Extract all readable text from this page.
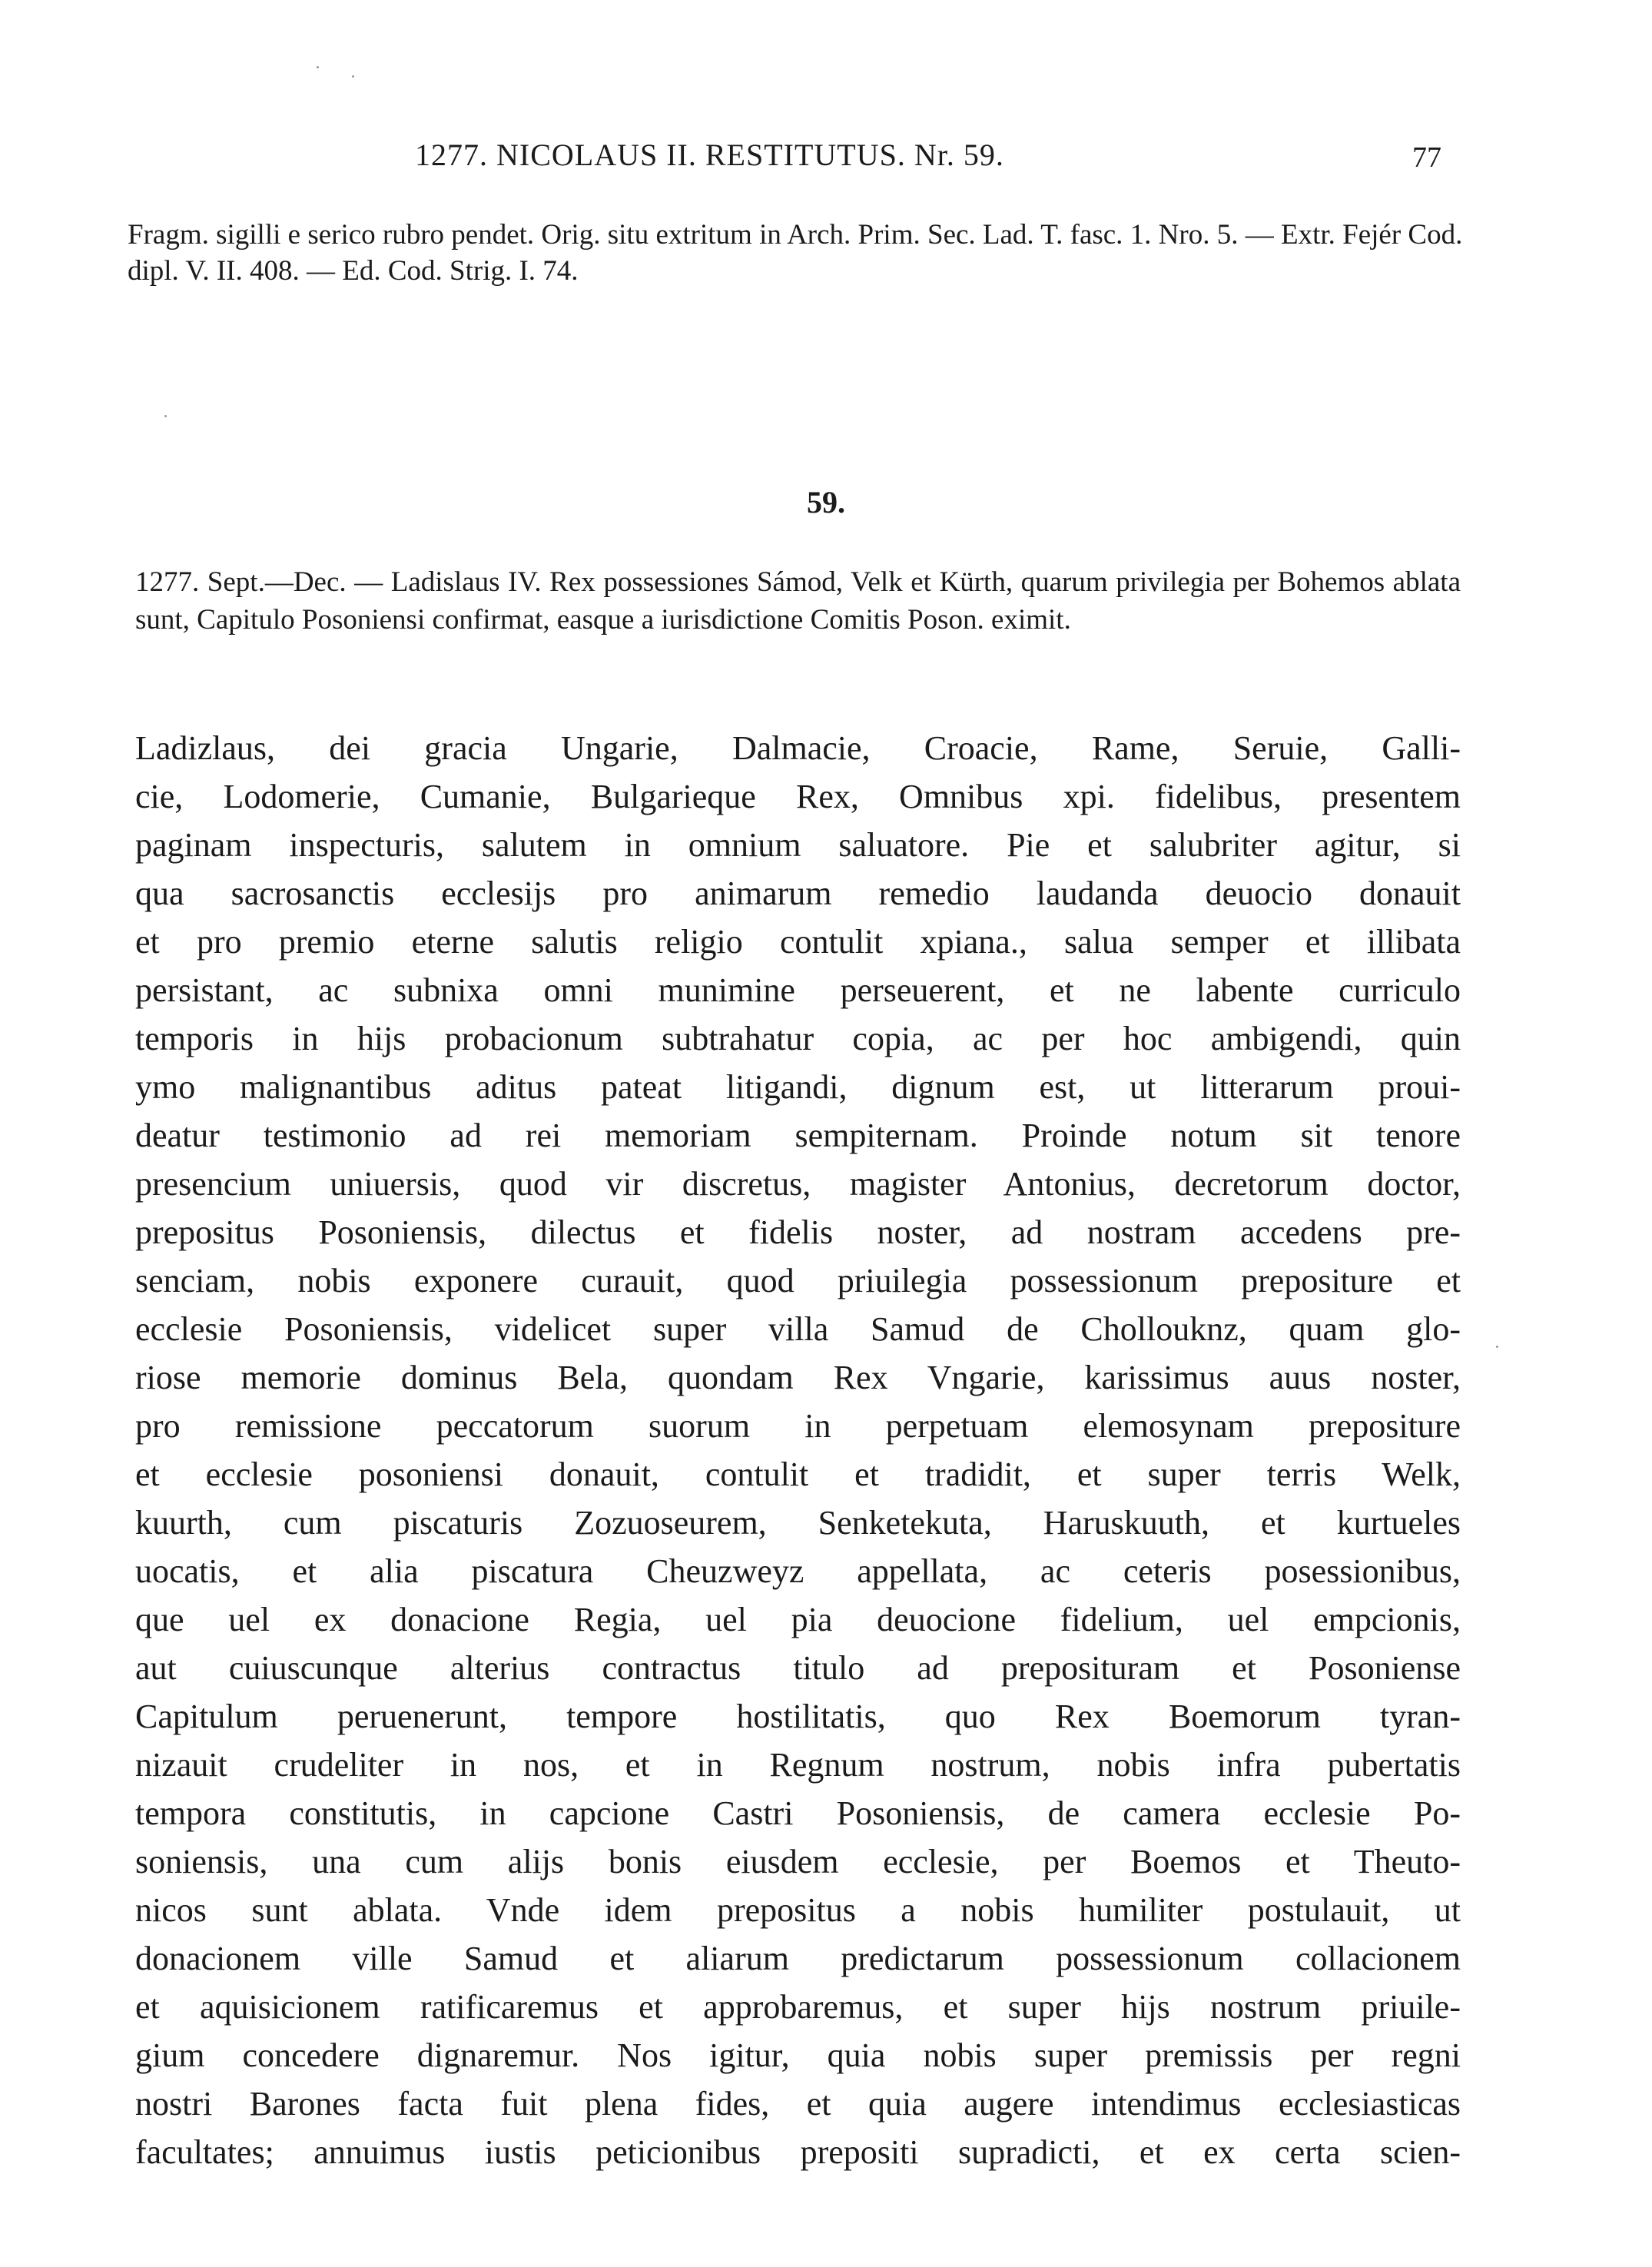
1277. NICOLAUS II. RESTITUTUS. Nr. 59.	77
Fragm. sigilli e serico rubro pendet. Orig. situ extritum in Arch. Prim. Sec. Lad. T. fasc. 1. Nro. 5. — Extr. Fejér Cod. dipl. V. II. 408. — Ed. Cod. Strig. I. 74.
59.
1277. Sept.—Dec. — Ladislaus IV. Rex possessiones Sámod, Velk et Kürth, quarum privilegia per Bohemos ablata sunt, Capitulo Posoniensi confirmat, easque a iurisdictione Comitis Poson. eximit.
Ladizlaus, dei gracia Ungarie, Dalmacie, Croacie, Rame, Seruie, Galli-
cie, Lodomerie, Cumanie, Bulgarieque Rex, Omnibus xpi. fidelibus, presentem
paginam inspecturis, salutem in omnium saluatore. Pie et salubriter agitur, si
qua sacrosanctis ecclesijs pro animarum remedio laudanda deuocio donauit
et pro premio eterne salutis religio contulit xpiana., salua semper et illibata
persistant, ac subnixa omni munimine perseuerent, et ne labente curriculo
temporis in hijs probacionum subtrahatur copia, ac per hoc ambigendi, quin
ymo malignantibus aditus pateat litigandi, dignum est, ut litterarum proui-
deatur testimonio ad rei memoriam sempiternam. Proinde notum sit tenore
presencium uniuersis, quod vir discretus, magister Antonius, decretorum doctor,
prepositus Posoniensis, dilectus et fidelis noster, ad nostram accedens pre-
senciam, nobis exponere curauit, quod priuilegia possessionum prepositure et
ecclesie Posoniensis, videlicet super villa Samud de Chollouknz, quam glo-
riose memorie dominus Bela, quondam Rex Vngarie, karissimus auus noster,
pro remissione peccatorum suorum in perpetuam elemosynam prepositure
et ecclesie posoniensi donauit, contulit et tradidit, et super terris Welk,
kuurth, cum piscaturis Zozuoseurem, Senketekuta, Haruskuuth, et kurtueles
uocatis, et alia piscatura Cheuzweyz appellata, ac ceteris posessionibus,
que uel ex donacione Regia, uel pia deuocione fidelium, uel empcionis,
aut cuiuscunque alterius contractus titulo ad preposituram et Posoniense
Capitulum peruenerunt, tempore hostilitatis, quo Rex Boemorum tyran-
nizauit crudeliter in nos, et in Regnum nostrum, nobis infra pubertatis
tempora constitutis, in capcione Castri Posoniensis, de camera ecclesie Po-
soniensis, una cum alijs bonis eiusdem ecclesie, per Boemos et Theuto-
nicos sunt ablata. Vnde idem prepositus a nobis humiliter postulauit, ut
donacionem ville Samud et aliarum predictarum possessionum collacionem
et aquisicionem ratificaremus et approbaremus, et super hijs nostrum priuile-
gium concedere dignaremur. Nos igitur, quia nobis super premissis per regni
nostri Barones facta fuit plena fides, et quia augere intendimus ecclesiasticas
facultates; annuimus iustis peticionibus prepositi supradicti, et ex certa scien-
